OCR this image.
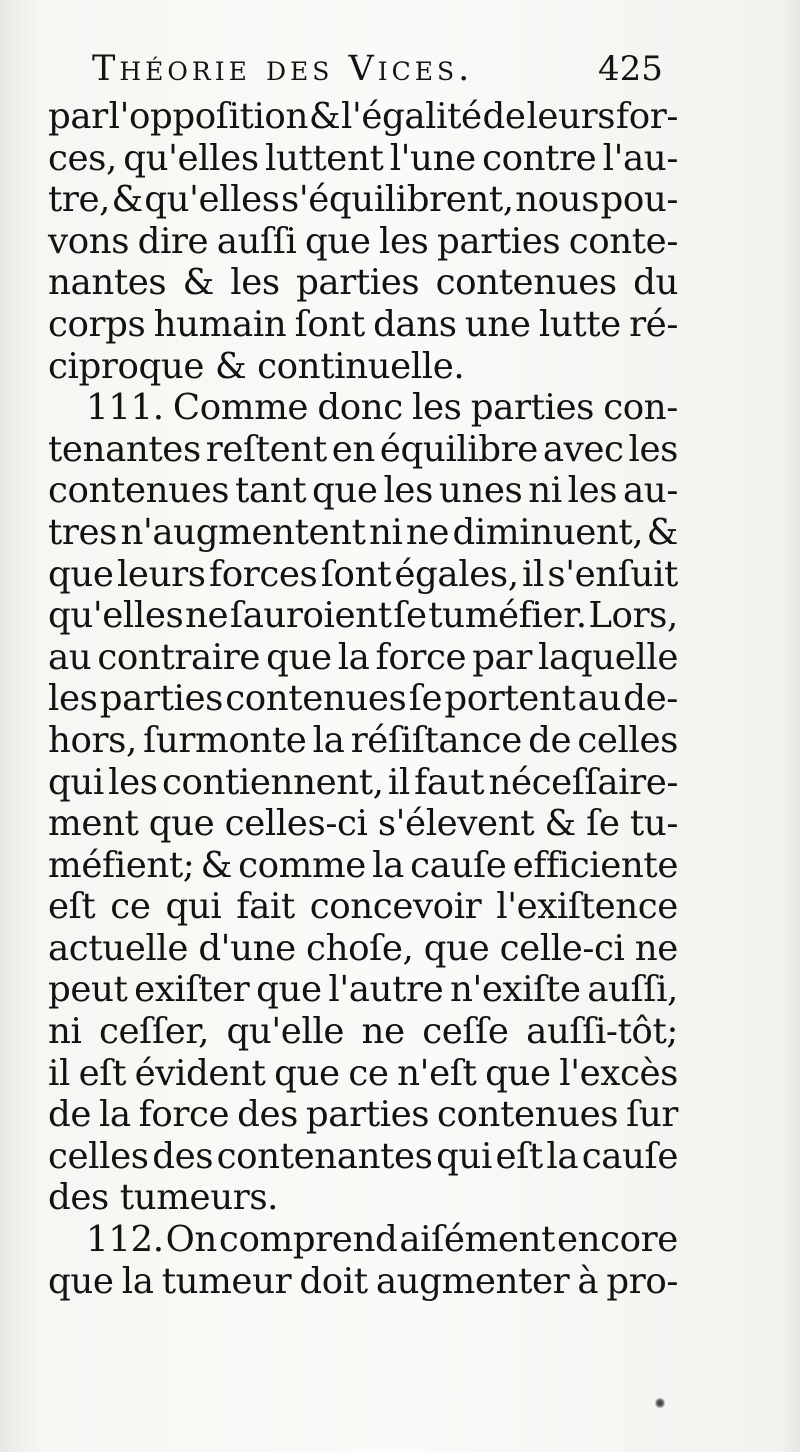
Théorie des Vices.	425
par l'oppoſition & l'égalité de leurs for-
ces, qu'elles luttent l'une contre l'au-
tre, & qu'elles s'équilibrent, nous pou-
vons dire auſſi que les parties conte-
nantes & les parties contenues du
corps humain ſont dans une lutte ré-
ciproque & continuelle.
111. Comme donc les parties con-
tenantes reſtent en équilibre avec les
contenues tant que les unes ni les au-
tres n'augmentent ni ne diminuent, &
que leurs forces ſont égales, il s'enſuit
qu'elles ne ſauroient ſe tuméfier. Lors,
au contraire que la force par laquelle
les parties contenues ſe portent au de-
hors, ſurmonte la réſiſtance de celles
qui les contiennent, il faut néceſſaire-
ment que celles-ci s'élevent & ſe tu-
méfient; & comme la cauſe efficiente
eſt ce qui fait concevoir l'exiſtence
actuelle d'une choſe, que celle-ci ne
peut exiſter que l'autre n'exiſte auſſi,
ni ceſſer, qu'elle ne ceſſe auſſi-tôt;
il eſt évident que ce n'eſt que l'excès
de la force des parties contenues ſur
celles des contenantes qui eſt la cauſe
des tumeurs.
112. On comprend aiſément encore
que la tumeur doit augmenter à pro-
